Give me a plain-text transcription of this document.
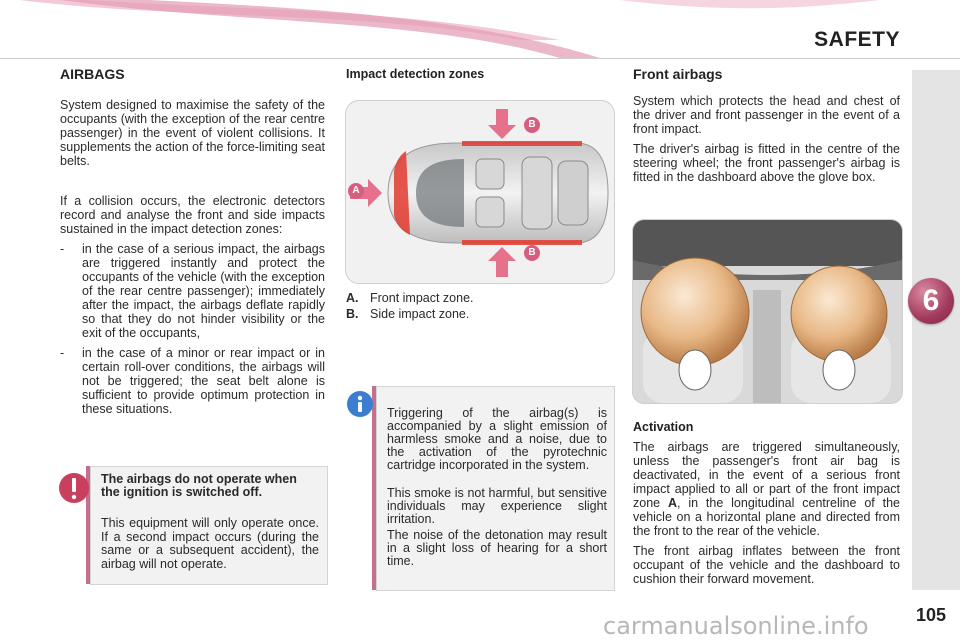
SAFETY
6
AIRBAGS

System designed to maximise the safety of the occupants (with the exception of the rear centre passenger) in the event of violent collisions. It supplements the action of the force-limiting seat belts.

If a collision occurs, the electronic detectors record and analyse the front and side impacts sustained in the impact detection zones:

- in the case of a serious impact, the airbags are triggered instantly and protect the occupants of the vehicle (with the exception of the rear centre passenger); immediately after the impact, the airbags deflate rapidly so that they do not hinder visibility or the exit of the occupants,
- in the case of a minor or rear impact or in certain roll-over conditions, the airbags will not be triggered; the seat belt alone is sufficient to provide optimum protection in these situations.
The airbags do not operate when the ignition is switched off.
This equipment will only operate once. If a second impact occurs (during the same or a subsequent accident), the airbag will not operate.
Impact detection zones
A
B
B
A. Front impact zone.
B. Side impact zone.
Triggering of the airbag(s) is accompanied by a slight emission of harmless smoke and a noise, due to the activation of the pyrotechnic cartridge incorporated in the system.
This smoke is not harmful, but sensitive individuals may experience slight irritation.
The noise of the detonation may result in a slight loss of hearing for a short time.
Front airbags

System which protects the head and chest of the driver and front passenger in the event of a front impact.

The driver's airbag is fitted in the centre of the steering wheel; the front passenger's airbag is fitted in the dashboard above the glove box.

Activation

The airbags are triggered simultaneously, unless the passenger's front air bag is deactivated, in the event of a serious front impact applied to all or part of the front impact zone A, in the longitudinal centreline of the vehicle on a horizontal plane and directed from the front to the rear of the vehicle.

The front airbag inflates between the front occupant of the vehicle and the dashboard to cushion their forward movement.

105
carmanualsonline.info
